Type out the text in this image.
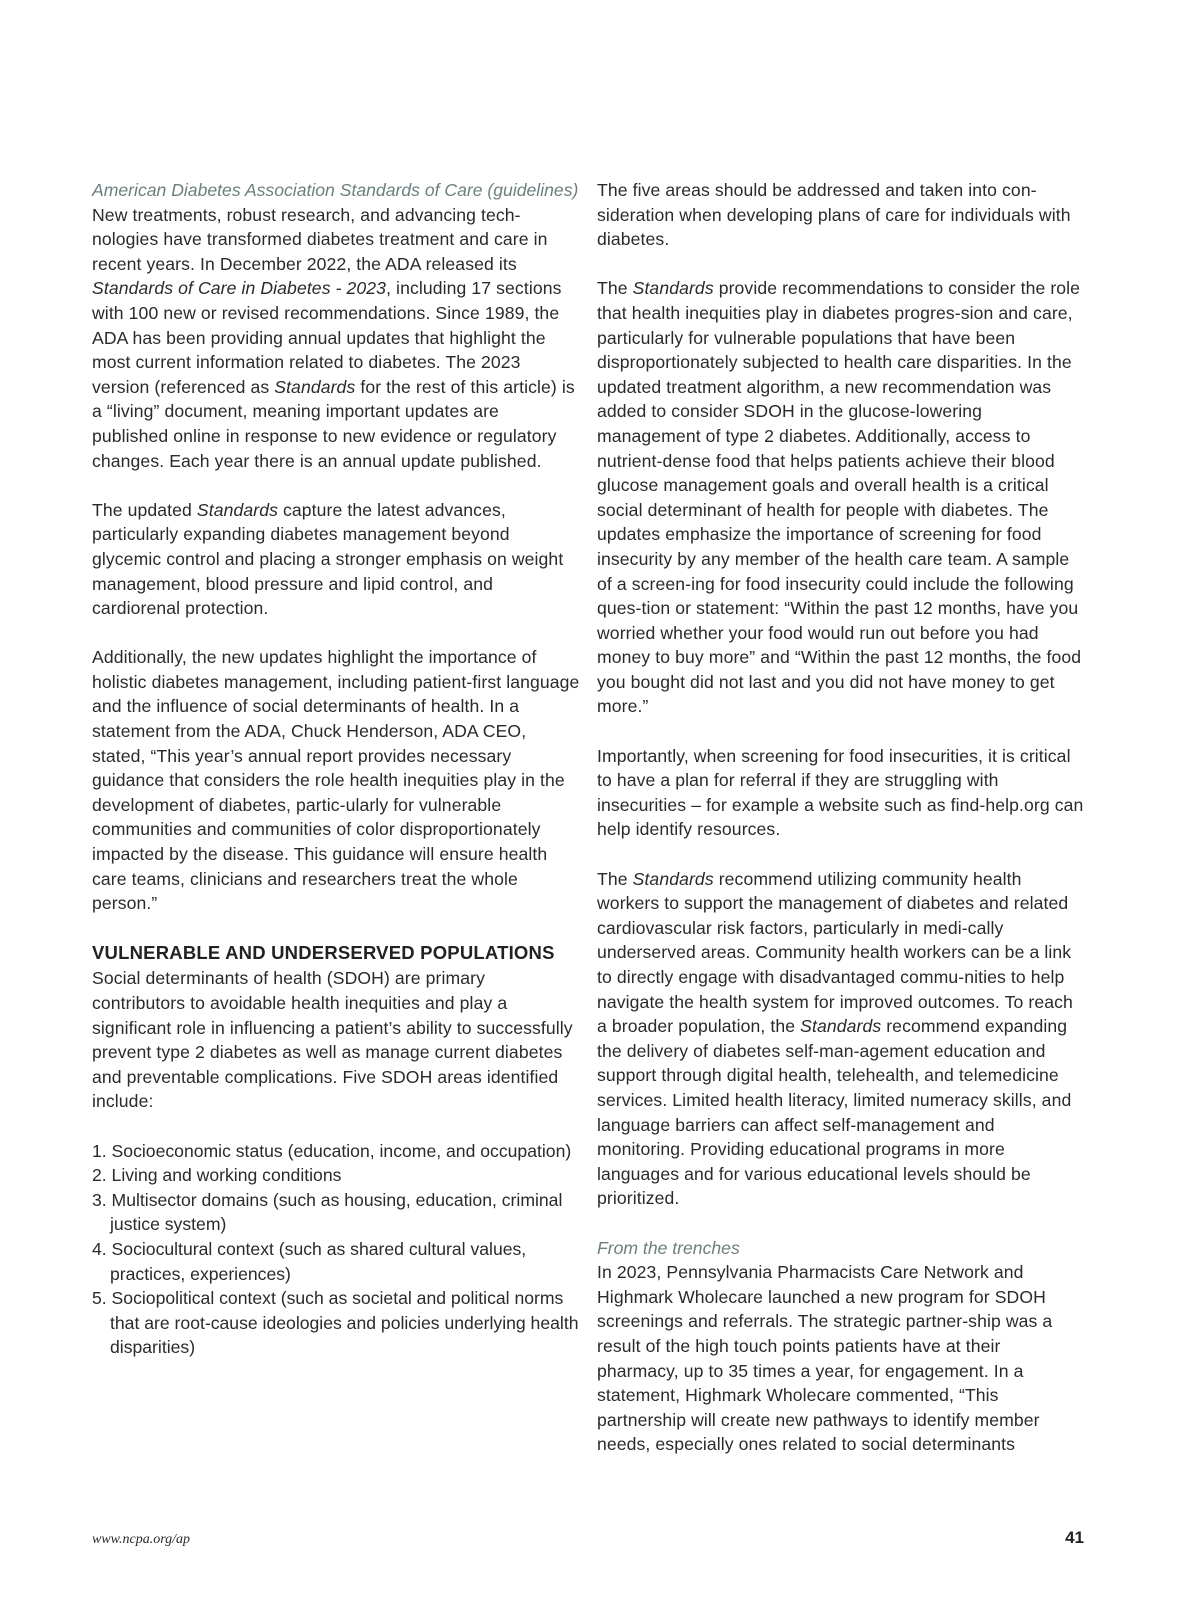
American Diabetes Association Standards of Care (guidelines)

New treatments, robust research, and advancing tech-nologies have transformed diabetes treatment and care in recent years. In December 2022, the ADA released its Standards of Care in Diabetes - 2023, including 17 sections with 100 new or revised recommendations. Since 1989, the ADA has been providing annual updates that highlight the most current information related to diabetes. The 2023 version (referenced as Standards for the rest of this article) is a “living” document, meaning important updates are published online in response to new evidence or regulatory changes. Each year there is an annual update published.

The updated Standards capture the latest advances, particularly expanding diabetes management beyond glycemic control and placing a stronger emphasis on weight management, blood pressure and lipid control, and cardiorenal protection.

Additionally, the new updates highlight the importance of holistic diabetes management, including patient-first language and the influence of social determinants of health. In a statement from the ADA, Chuck Henderson, ADA CEO, stated, “This year’s annual report provides necessary guidance that considers the role health inequities play in the development of diabetes, partic-ularly for vulnerable communities and communities of color disproportionately impacted by the disease. This guidance will ensure health care teams, clinicians and researchers treat the whole person.”

VULNERABLE AND UNDERSERVED POPULATIONS

Social determinants of health (SDOH) are primary contributors to avoidable health inequities and play a significant role in influencing a patient’s ability to successfully prevent type 2 diabetes as well as manage current diabetes and preventable complications. Five SDOH areas identified include:

1. Socioeconomic status (education, income, and occupation)
2. Living and working conditions
3. Multisector domains (such as housing, education, criminal justice system)
4. Sociocultural context (such as shared cultural values, practices, experiences)
5. Sociopolitical context (such as societal and political norms that are root-cause ideologies and policies underlying health disparities)

The five areas should be addressed and taken into con-sideration when developing plans of care for individuals with diabetes.

The Standards provide recommendations to consider the role that health inequities play in diabetes progres-sion and care, particularly for vulnerable populations that have been disproportionately subjected to health care disparities. In the updated treatment algorithm, a new recommendation was added to consider SDOH in the glucose-lowering management of type 2 diabetes. Additionally, access to nutrient-dense food that helps patients achieve their blood glucose management goals and overall health is a critical social determinant of health for people with diabetes. The updates emphasize the importance of screening for food insecurity by any member of the health care team. A sample of a screen-ing for food insecurity could include the following ques-tion or statement: “Within the past 12 months, have you worried whether your food would run out before you had money to buy more” and “Within the past 12 months, the food you bought did not last and you did not have money to get more.”

Importantly, when screening for food insecurities, it is critical to have a plan for referral if they are struggling with insecurities – for example a website such as find-help.org can help identify resources.

The Standards recommend utilizing community health workers to support the management of diabetes and related cardiovascular risk factors, particularly in medi-cally underserved areas. Community health workers can be a link to directly engage with disadvantaged commu-nities to help navigate the health system for improved outcomes. To reach a broader population, the Standards recommend expanding the delivery of diabetes self-man-agement education and support through digital health, telehealth, and telemedicine services. Limited health literacy, limited numeracy skills, and language barriers can affect self-management and monitoring. Providing educational programs in more languages and for various educational levels should be prioritized.

From the trenches

In 2023, Pennsylvania Pharmacists Care Network and Highmark Wholecare launched a new program for SDOH screenings and referrals. The strategic partner-ship was a result of the high touch points patients have at their pharmacy, up to 35 times a year, for engagement. In a statement, Highmark Wholecare commented, “This partnership will create new pathways to identify member needs, especially ones related to social determinants

www.ncpa.org/ap	41
